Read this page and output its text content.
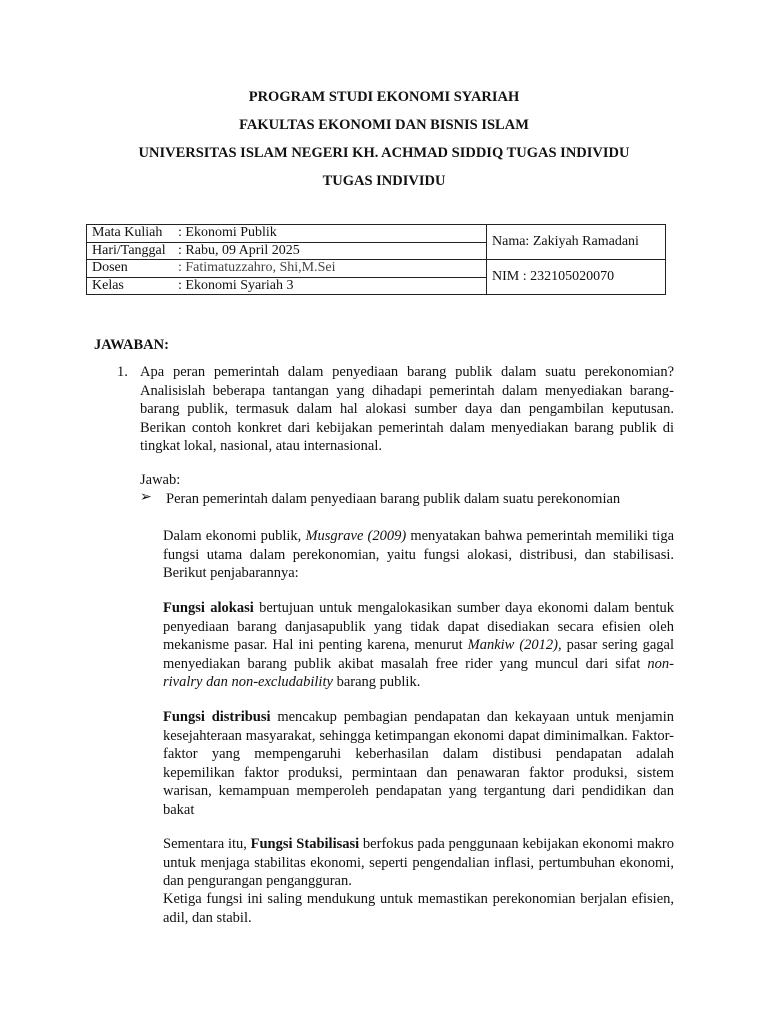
PROGRAM STUDI EKONOMI SYARIAH
FAKULTAS EKONOMI DAN BISNIS ISLAM
UNIVERSITAS ISLAM NEGERI KH. ACHMAD SIDDIQ TUGAS INDIVIDU
TUGAS INDIVIDU
Mata Kuliah : Ekonomi Publik	Nama: Zakiyah Ramadani
Hari/Tanggal : Rabu, 09 April 2025	
Dosen : Fatimatuzzahro, Shi,M.Sei	NIM : 232105020070
Kelas : Ekonomi Syariah 3	
JAWABAN:
1. Apa peran pemerintah dalam penyediaan barang publik dalam suatu perekonomian? Analisislah beberapa tantangan yang dihadapi pemerintah dalam menyediakan barang-barang publik, termasuk dalam hal alokasi sumber daya dan pengambilan keputusan. Berikan contoh konkret dari kebijakan pemerintah dalam menyediakan barang publik di tingkat lokal, nasional, atau internasional.
Jawab:
➢ Peran pemerintah dalam penyediaan barang publik dalam suatu perekonomian
Dalam ekonomi publik, Musgrave (2009) menyatakan bahwa pemerintah memiliki tiga fungsi utama dalam perekonomian, yaitu fungsi alokasi, distribusi, dan stabilisasi. Berikut penjabarannya:
Fungsi alokasi bertujuan untuk mengalokasikan sumber daya ekonomi dalam bentuk penyediaan barang danjasapublik yang tidak dapat disediakan secara efisien oleh mekanisme pasar. Hal ini penting karena, menurut Mankiw (2012), pasar sering gagal menyediakan barang publik akibat masalah free rider yang muncul dari sifat non-rivalry dan non-excludability barang publik.
Fungsi distribusi mencakup pembagian pendapatan dan kekayaan untuk menjamin kesejahteraan masyarakat, sehingga ketimpangan ekonomi dapat diminimalkan. Faktor-faktor yang mempengaruhi keberhasilan dalam distibusi pendapatan adalah kepemilikan faktor produksi, permintaan dan penawaran faktor produksi, sistem warisan, kemampuan memperoleh pendapatan yang tergantung dari pendidikan dan bakat
Sementara itu, Fungsi Stabilisasi berfokus pada penggunaan kebijakan ekonomi makro untuk menjaga stabilitas ekonomi, seperti pengendalian inflasi, pertumbuhan ekonomi, dan pengurangan pengangguran.
Ketiga fungsi ini saling mendukung untuk memastikan perekonomian berjalan efisien, adil, dan stabil.
